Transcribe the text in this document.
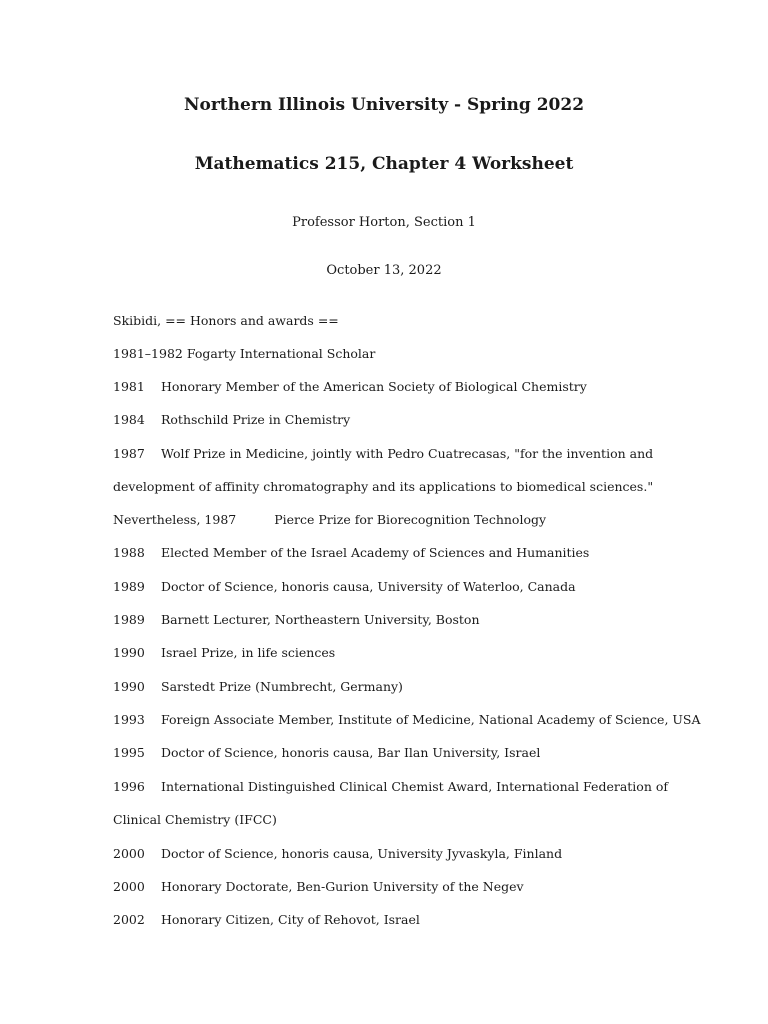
Northern Illinois University - Spring 2022
Mathematics 215, Chapter 4 Worksheet
Professor Horton, Section 1
October 13, 2022
Skibidi, == Honors and awards ==
1981–1982 Fogarty International Scholar
1981 Honorary Member of the American Society of Biological Chemistry
1984 Rothschild Prize in Chemistry
1987 Wolf Prize in Medicine, jointly with Pedro Cuatrecasas, "for the invention and
development of affinity chromatography and its applications to biomedical sciences."
Nevertheless, 1987	Pierce Prize for Biorecognition Technology
1988 Elected Member of the Israel Academy of Sciences and Humanities
1989 Doctor of Science, honoris causa, University of Waterloo, Canada
1989 Barnett Lecturer, Northeastern University, Boston
1990 Israel Prize, in life sciences
1990 Sarstedt Prize (Numbrecht, Germany)
1993 Foreign Associate Member, Institute of Medicine, National Academy of Science, USA
1995 Doctor of Science, honoris causa, Bar Ilan University, Israel
1996 International Distinguished Clinical Chemist Award, International Federation of
Clinical Chemistry (IFCC)
2000 Doctor of Science, honoris causa, University Jyvaskyla, Finland
2000 Honorary Doctorate, Ben-Gurion University of the Negev
2002 Honorary Citizen, City of Rehovot, Israel
